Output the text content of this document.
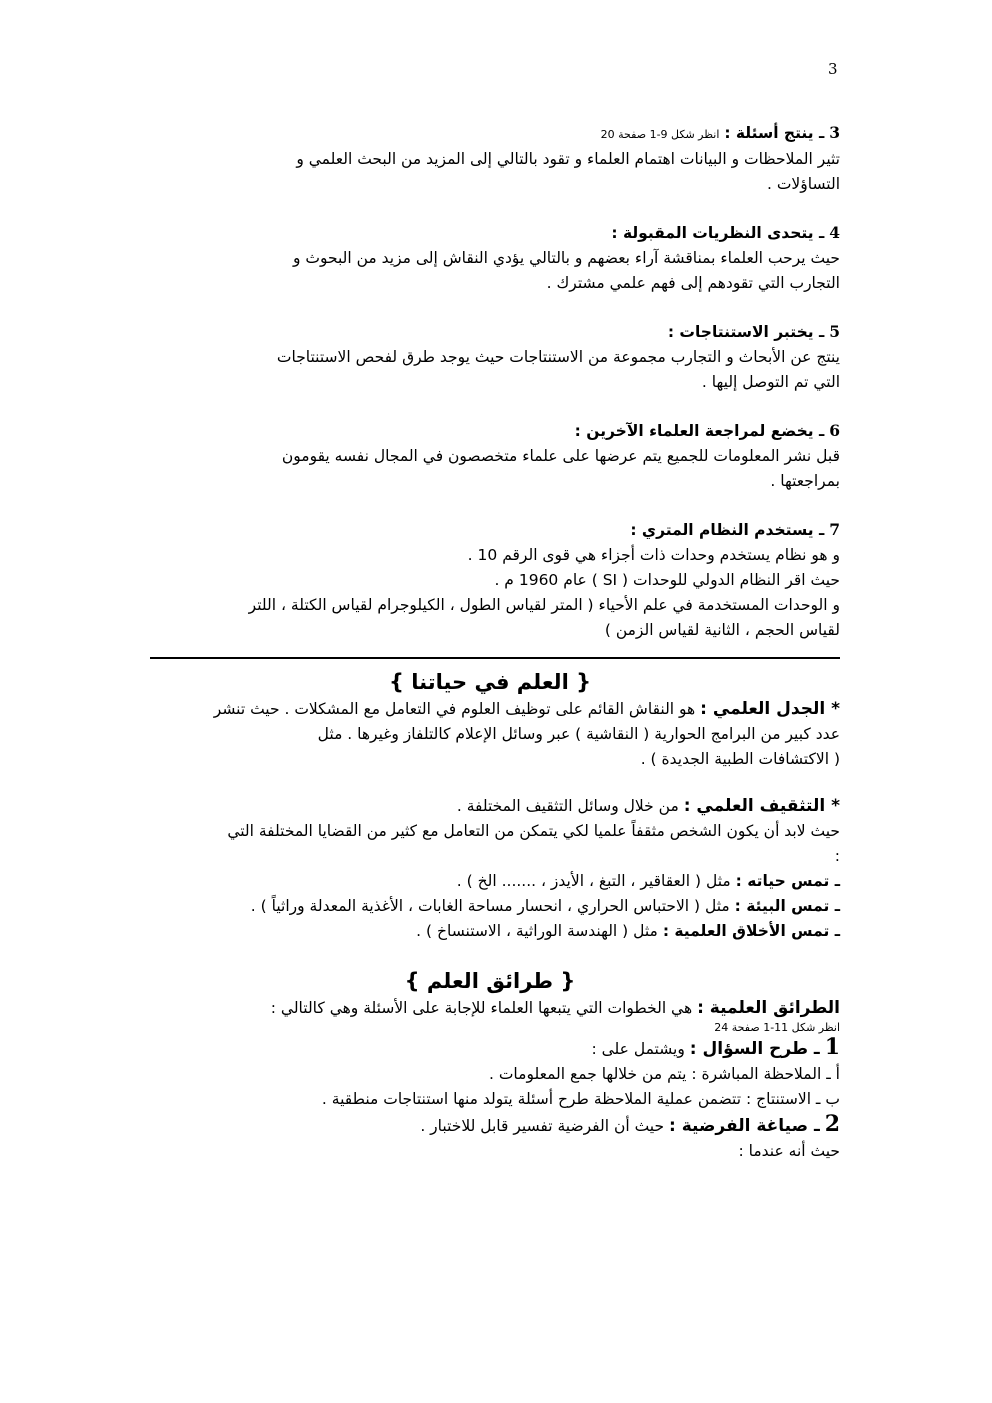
3

3 ـ ينتج أسئلة : انظر شكل 9-1 صفحة 20

تثير الملاحظات و البيانات اهتمام العلماء و تقود بالتالي إلى المزيد من البحث العلمي و

التساؤلات .

4 ـ يتحدى النظريات المقبولة :

حيث يرحب العلماء بمناقشة آراء بعضهم و بالتالي يؤدي النقاش إلى مزيد من البحوث و

التجارب التي تقودهم إلى فهم علمي مشترك .

5 ـ يختبر الاستنتاجات :

ينتج عن الأبحاث و التجارب مجموعة من الاستنتاجات حيث يوجد طرق لفحص الاستنتاجات

التي تم التوصل إليها .

6 ـ يخضع لمراجعة العلماء الآخرين :

قبل نشر المعلومات للجميع يتم عرضها على علماء متخصصون في المجال نفسه يقومون

بمراجعتها .

7 ـ يستخدم النظام المتري :

و هو نظام يستخدم وحدات ذات أجزاء هي قوى الرقم 10 .

حيث اقر النظام الدولي للوحدات ( SI ) عام 1960 م .

و الوحدات المستخدمة في علم الأحياء ( المتر لقياس الطول ، الكيلوجرام لقياس الكتلة ، اللتر

لقياس الحجم ، الثانية لقياس الزمن )

{ العلم في حياتنا }

* الجدل العلمي : هو النقاش القائم على توظيف العلوم في التعامل مع المشكلات . حيث تنشر

عدد كبير من البرامج الحوارية ( النقاشية ) عبر وسائل الإعلام كالتلفاز وغيرها . مثل

( الاكتشافات الطبية الجديدة ) .

* التثقيف العلمي : من خلال وسائل التثقيف المختلفة .

حيث لابد أن يكون الشخص مثقفاً علميا لكي يتمكن من التعامل مع كثير من القضايا المختلفة التي

:

ـ تمس حياته : مثل ( العقاقير ، التبغ ، الأيدز ، ....... الخ ) .

ـ تمس البيئة : مثل ( الاحتباس الحراري ، انحسار مساحة الغابات ، الأغذية المعدلة وراثياً ) .

ـ تمس الأخلاق العلمية : مثل ( الهندسة الوراثية ، الاستنساخ ) .

{ طرائق العلم }

الطرائق العلمية : هي الخطوات التي يتبعها العلماء للإجابة على الأسئلة وهي كالتالي :

انظر شكل 11-1 صفحة 24

1 ـ طرح السؤال : ويشتمل على :

أ ـ الملاحظة المباشرة : يتم من خلالها جمع المعلومات .

ب ـ الاستنتاج : تتضمن عملية الملاحظة طرح أسئلة يتولد منها استنتاجات منطقية .

2 ـ صياغة الفرضية : حيث أن الفرضية تفسير قابل للاختبار .

حيث أنه عندما :
